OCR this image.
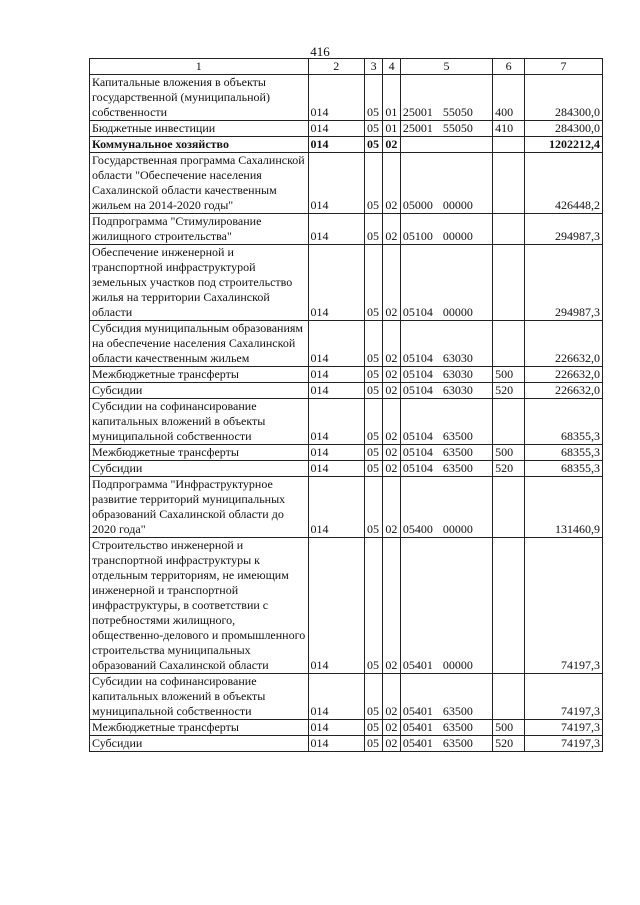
416
1	2	3	4	5	6	7
Капитальные вложения в объекты государственной (муниципальной) собственности	014	05	01	25001 55050	400	284300,0
Бюджетные инвестиции	014	05	01	25001 55050	410	284300,0
Коммунальное хозяйство	014	05	02			1202212,4
Государственная программа Сахалинской области "Обеспечение населения Сахалинской области качественным жильем на 2014-2020 годы"	014	05	02	05000 00000		426448,2
Подпрограмма "Стимулирование жилищного строительства"	014	05	02	05100 00000		294987,3
Обеспечение инженерной и транспортной инфраструктурой земельных участков под строительство жилья на территории Сахалинской области	014	05	02	05104 00000		294987,3
Субсидия муниципальным образованиям на обеспечение населения Сахалинской области качественным жильем	014	05	02	05104 63030		226632,0
Межбюджетные трансферты	014	05	02	05104 63030	500	226632,0
Субсидии	014	05	02	05104 63030	520	226632,0
Субсидии на софинансирование капитальных вложений в объекты муниципальной собственности	014	05	02	05104 63500		68355,3
Межбюджетные трансферты	014	05	02	05104 63500	500	68355,3
Субсидии	014	05	02	05104 63500	520	68355,3
Подпрограмма "Инфраструктурное развитие территорий муниципальных образований Сахалинской области до 2020 года"	014	05	02	05400 00000		131460,9
Строительство инженерной и транспортной инфраструктуры к отдельным территориям, не имеющим инженерной и транспортной инфраструктуры, в соответствии с потребностями жилищного, общественно-делового и промышленного строительства муниципальных образований Сахалинской области	014	05	02	05401 00000		74197,3
Субсидии на софинансирование капитальных вложений в объекты муниципальной собственности	014	05	02	05401 63500		74197,3
Межбюджетные трансферты	014	05	02	05401 63500	500	74197,3
Субсидии	014	05	02	05401 63500	520	74197,3
